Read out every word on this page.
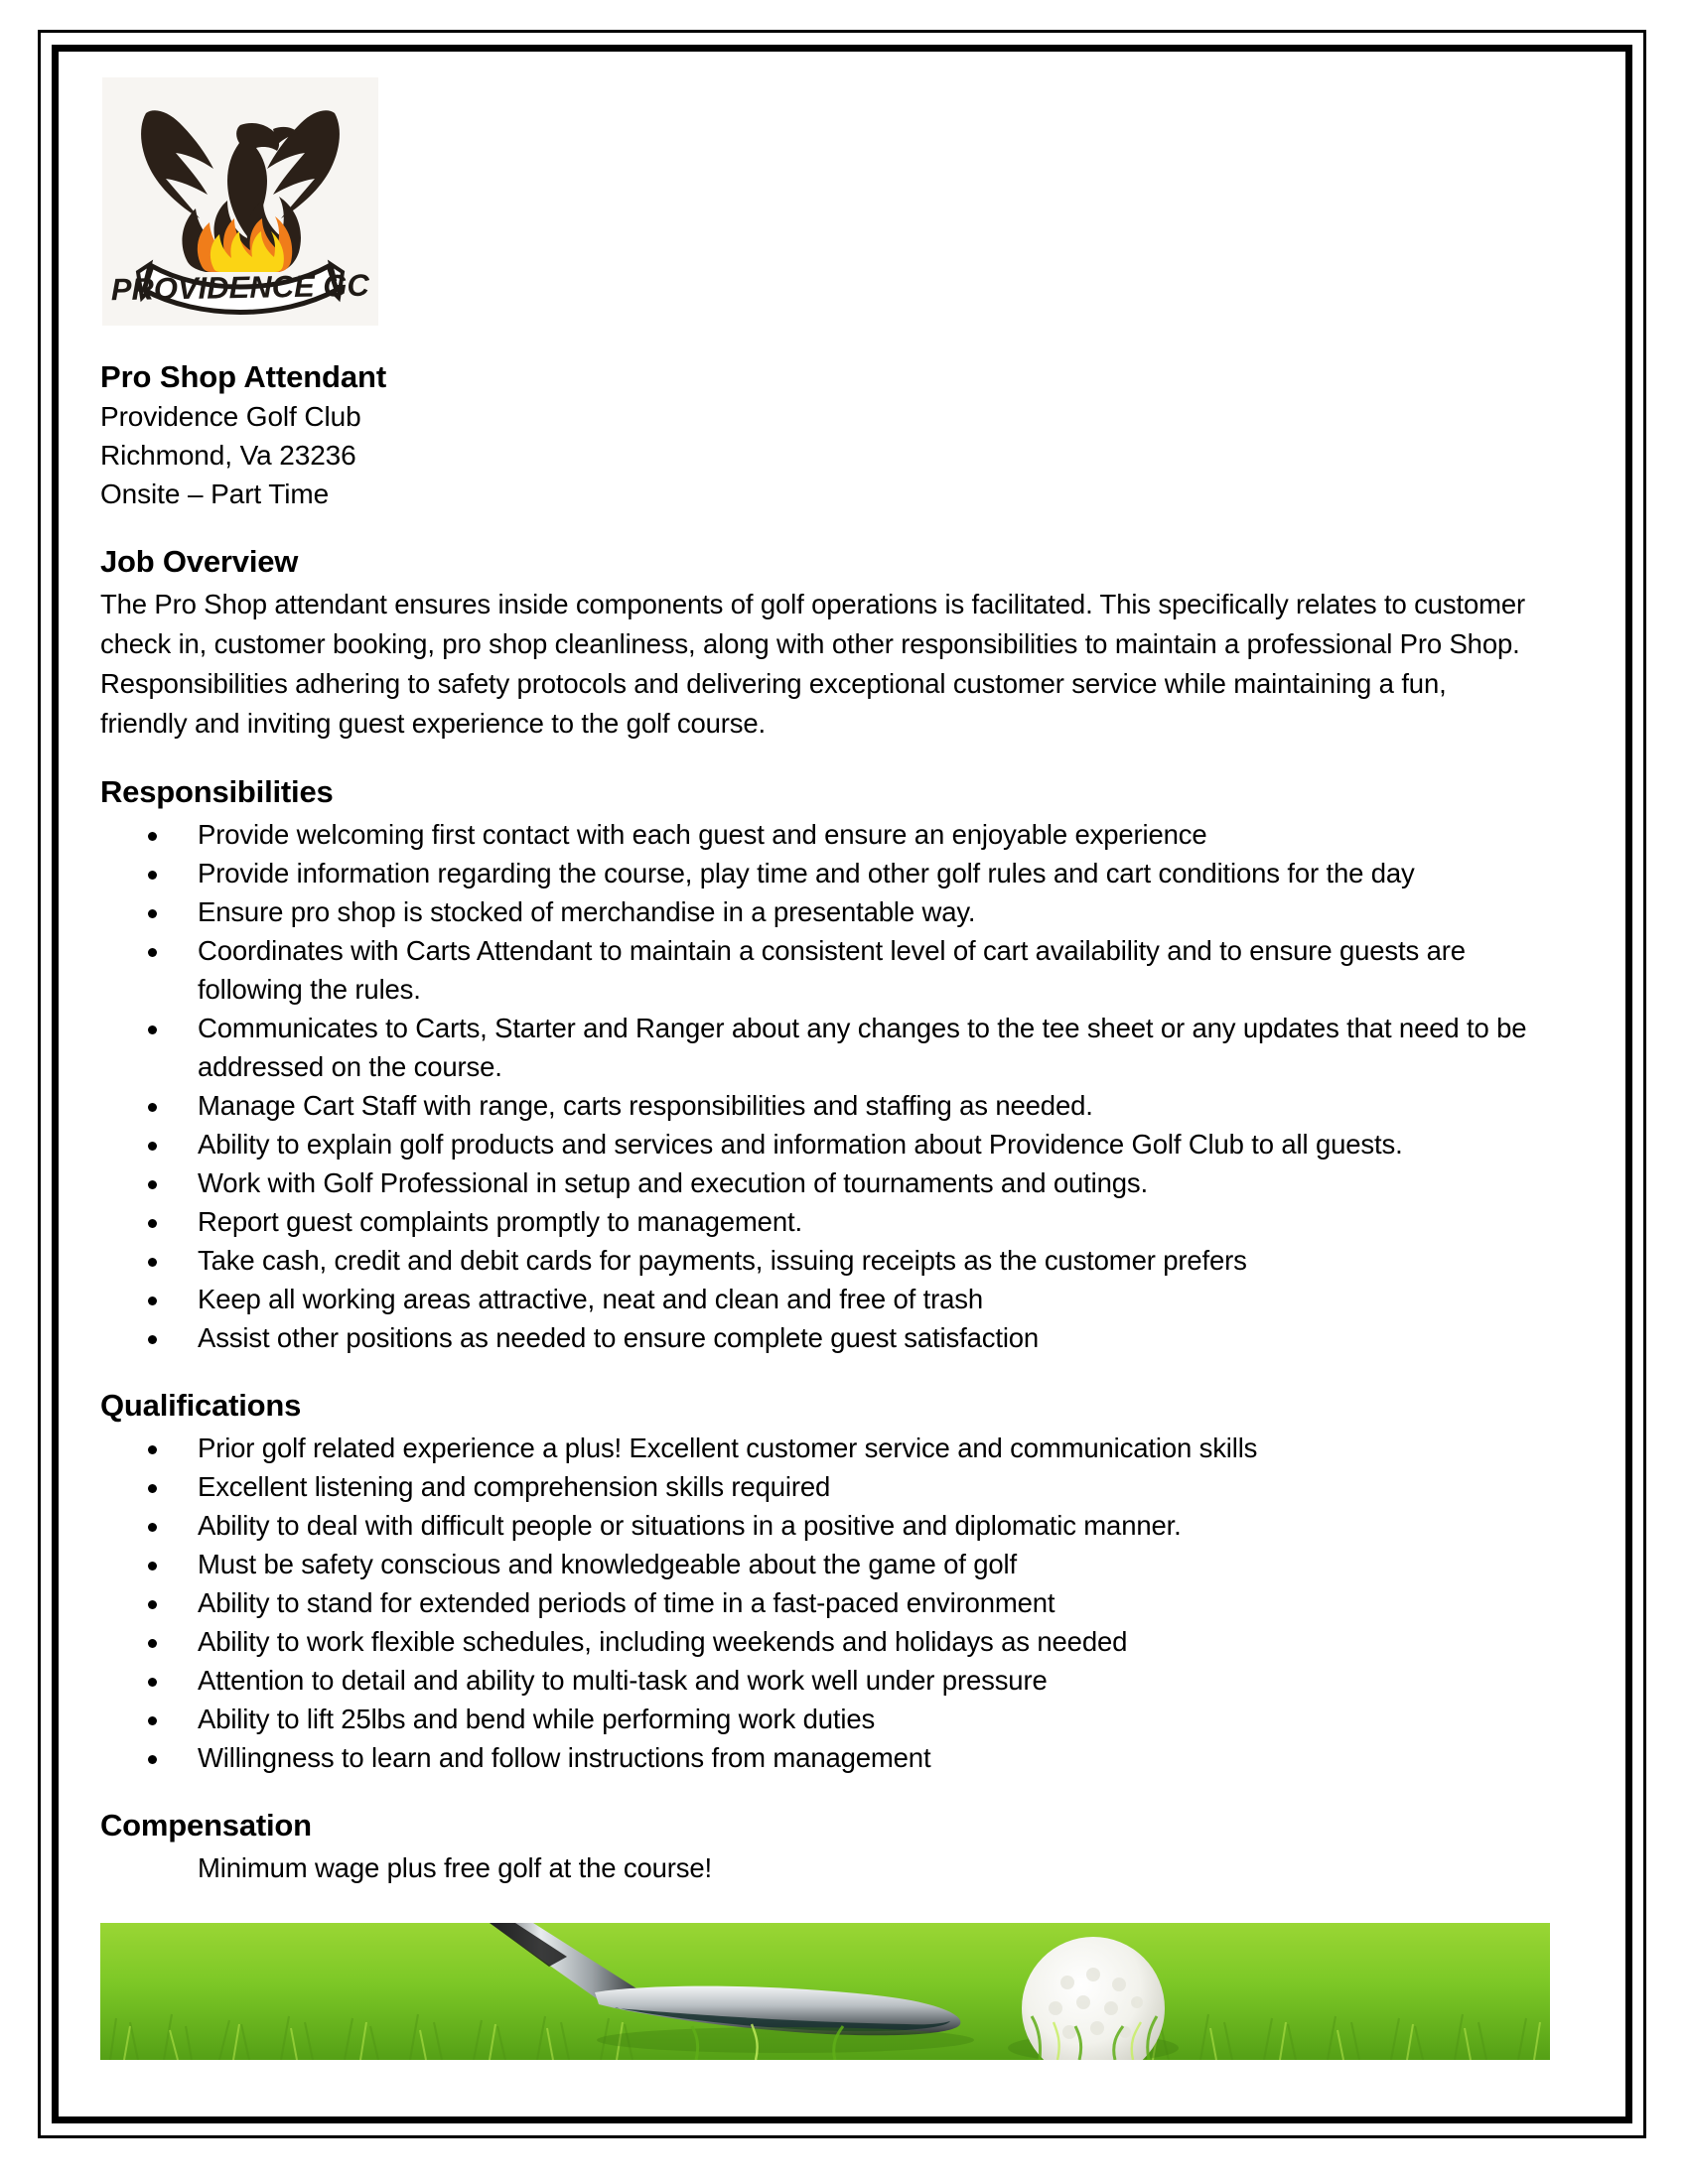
PROVIDENCE GC
Pro Shop Attendant
Providence Golf Club
Richmond, Va 23236
Onsite – Part Time
Job Overview

The Pro Shop attendant ensures inside components of golf operations is facilitated. This specifically relates to customer check in, customer booking, pro shop cleanliness, along with other responsibilities to maintain a professional Pro Shop. Responsibilities adhering to safety protocols and delivering exceptional customer service while maintaining a fun, friendly and inviting guest experience to the golf course.

Responsibilities
Provide welcoming first contact with each guest and ensure an enjoyable experience
Provide information regarding the course, play time and other golf rules and cart conditions for the day
Ensure pro shop is stocked of merchandise in a presentable way.
Coordinates with Carts Attendant to maintain a consistent level of cart availability and to ensure guests are following the rules.
Communicates to Carts, Starter and Ranger about any changes to the tee sheet or any updates that need to be addressed on the course.
Manage Cart Staff with range, carts responsibilities and staffing as needed.
Ability to explain golf products and services and information about Providence Golf Club to all guests.
Work with Golf Professional in setup and execution of tournaments and outings.
Report guest complaints promptly to management.
Take cash, credit and debit cards for payments, issuing receipts as the customer prefers
Keep all working areas attractive, neat and clean and free of trash
Assist other positions as needed to ensure complete guest satisfaction
Qualifications
Prior golf related experience a plus! Excellent customer service and communication skills
Excellent listening and comprehension skills required
Ability to deal with difficult people or situations in a positive and diplomatic manner.
Must be safety conscious and knowledgeable about the game of golf
Ability to stand for extended periods of time in a fast-paced environment
Ability to work flexible schedules, including weekends and holidays as needed
Attention to detail and ability to multi-task and work well under pressure
Ability to lift 25lbs and bend while performing work duties
Willingness to learn and follow instructions from management
Compensation
Minimum wage plus free golf at the course!
